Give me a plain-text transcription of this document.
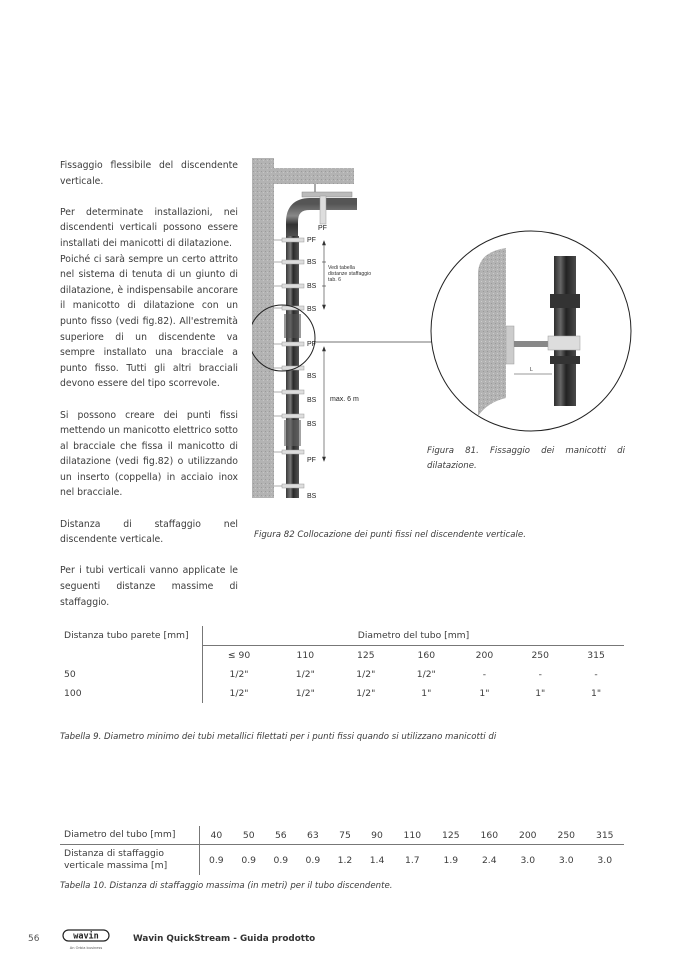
Fissaggio flessibile del discendente verticale.

Per determinate installazioni, nei discendenti verticali possono essere installati dei manicotti di dilatazione.

Poiché ci sarà sempre un certo attrito nel sistema di tenuta di un giunto di dilatazione, è indispensabile ancorare il manicotto di dilatazione con un punto fisso (vedi fig.82). All'estremità superiore di un discendente va sempre installato una bracciale a punto fisso. Tutti gli altri bracciali devono essere del tipo scorrevole.

Si possono creare dei punti fissi mettendo un manicotto elettrico sotto al bracciale che fissa il manicotto di dilatazione (vedi fig.82) o utilizzando un inserto (coppella) in acciaio inox nel bracciale.

Distanza di staffaggio nel discendente verticale.

Per i tubi verticali vanno applicate le seguenti distanze massime di staffaggio.

PF
PF
BS
BS
BS
PF
BS
BS
BS
PF
BS
Vedi tabella
distanze staffaggio
tab. 6
max. 6 m
L
Figura 81. Fissaggio dei manicotti di dilatazione.
Figura 82 Collocazione dei punti fissi nel discendente verticale.
Distanza tubo parete [mm]	Diametro del tubo [mm]						
	≤ 90	110	125	160	200	250	315
50	1/2"	1/2"	1/2"	1/2"	-	-	-
100	1/2"	1/2"	1/2"	1"	1"	1"	1"
Tabella 9. Diametro minimo dei tubi metallici filettati per i punti fissi quando si utilizzano manicotti di
Diametro del tubo [mm]	40	50	56	63	75	90	110	125	160	200	250	315
Distanza di staffaggio verticale massima [m]	0.9	0.9	0.9	0.9	1.2	1.4	1.7	1.9	2.4	3.0	3.0	3.0
Tabella 10. Distanza di staffaggio massima (in metri) per il tubo discendente.
56	wavin
An Orbia business
Wavin QuickStream - Guida prodotto
